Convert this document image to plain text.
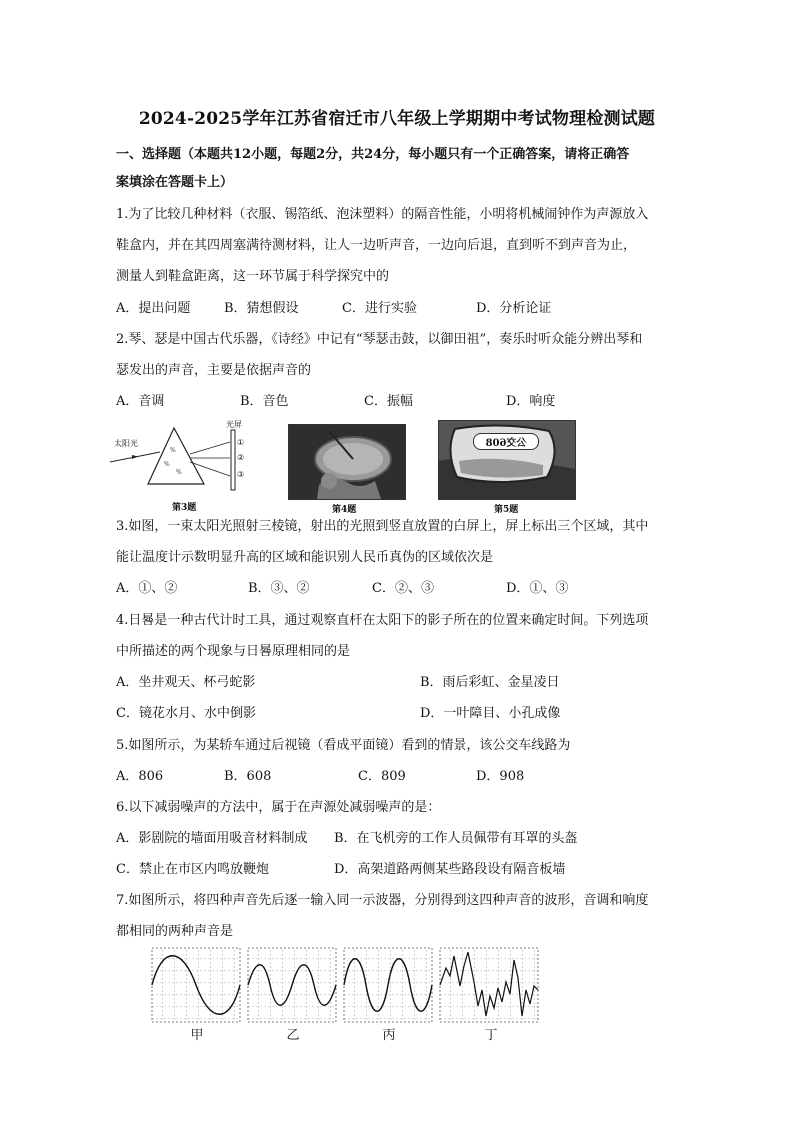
2024-2025学年江苏省宿迁市八年级上学期期中考试物理检测试题
一、选择题（本题共12小题，每题2分，共24分，每小题只有一个正确答案，请将正确答
案填涂在答题卡上）
1.为了比较几种材料（衣服、锡箔纸、泡沫塑料）的隔音性能，小明将机械闹钟作为声源放入
鞋盒内，并在其四周塞满待测材料，让人一边听声音，一边向后退，直到听不到声音为止，
测量人到鞋盒距离，这一环节属于科学探究中的
A．提出问题	B．猜想假设	C．进行实验	D．分析论证
2.琴、瑟是中国古代乐器，《诗经》中记有“琴瑟击鼓，以御田祖”，奏乐时听众能分辨出琴和
瑟发出的声音，主要是依据声音的
A．音调	B．音色	C．振幅	D．响度
%
%
%
太阳光
光屏
①
②
③
第3题	第4题
公交608
第5题
3.如图，一束太阳光照射三棱镜，射出的光照到竖直放置的白屏上，屏上标出三个区域，其中
能让温度计示数明显升高的区域和能识别人民币真伪的区域依次是
A．①、②	B．③、②	C．②、③	D．①、③
4.日晷是一种古代计时工具，通过观察直杆在太阳下的影子所在的位置来确定时间。下列选项
中所描述的两个现象与日晷原理相同的是
A．坐井观天、杯弓蛇影	B．雨后彩虹、金星凌日
C．镜花水月、水中倒影	D．一叶障目、小孔成像
5.如图所示，为某轿车通过后视镜（看成平面镜）看到的情景，该公交车线路为
A．806	B．608	C．809	D．908
6.以下减弱噪声的方法中，属于在声源处减弱噪声的是：
A．影剧院的墙面用吸音材料制成 B．在飞机旁的工作人员佩带有耳罩的头盔
C．禁止在市区内鸣放鞭炮	D．高架道路两侧某些路段设有隔音板墙
7.如图所示，将四种声音先后逐一输入同一示波器，分别得到这四种声音的波形，音调和响度
都相同的两种声音是
甲	乙	丙	丁
